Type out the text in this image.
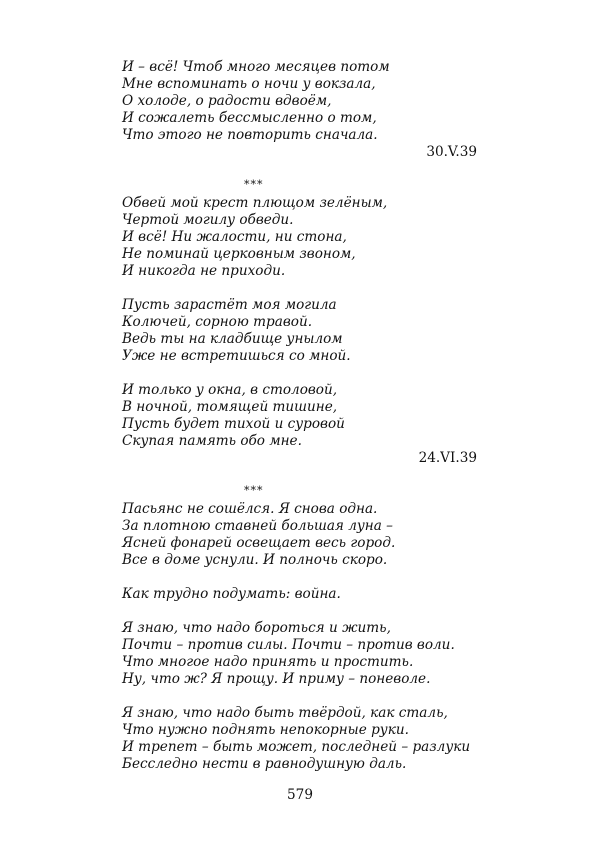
И – всё! Чтоб много месяцев потом
Мне вспоминать о ночи у вокзала,
О холоде, о радости вдвоём,
И сожалеть бессмысленно о том,
Что этого не повторить сначала.
30.V.39
***
Обвей мой крест плющом зелёным,
Чертой могилу обведи.
И всё! Ни жалости, ни стона,
Не поминай церковным звоном,
И никогда не приходи.
Пусть зарастёт моя могила
Колючей, сорною травой.
Ведь ты на кладбище унылом
Уже не встретишься со мной.
И только у окна, в столовой,
В ночной, томящей тишине,
Пусть будет тихой и суровой
Скупая память обо мне.
24.VI.39
***
Пасьянс не сошёлся. Я снова одна.
За плотною ставней большая луна –
Ясней фонарей освещает весь город.
Все в доме уснули. И полночь скоро.
Как трудно подумать: война.
Я знаю, что надо бороться и жить,
Почти – против силы. Почти – против воли.
Что многое надо принять и простить.
Ну, что ж? Я прощу. И приму – поневоле.
Я знаю, что надо быть твёрдой, как сталь,
Что нужно поднять непокорные руки.
И трепет – быть может, последней – разлуки
Бесследно нести в равнодушную даль.
579
